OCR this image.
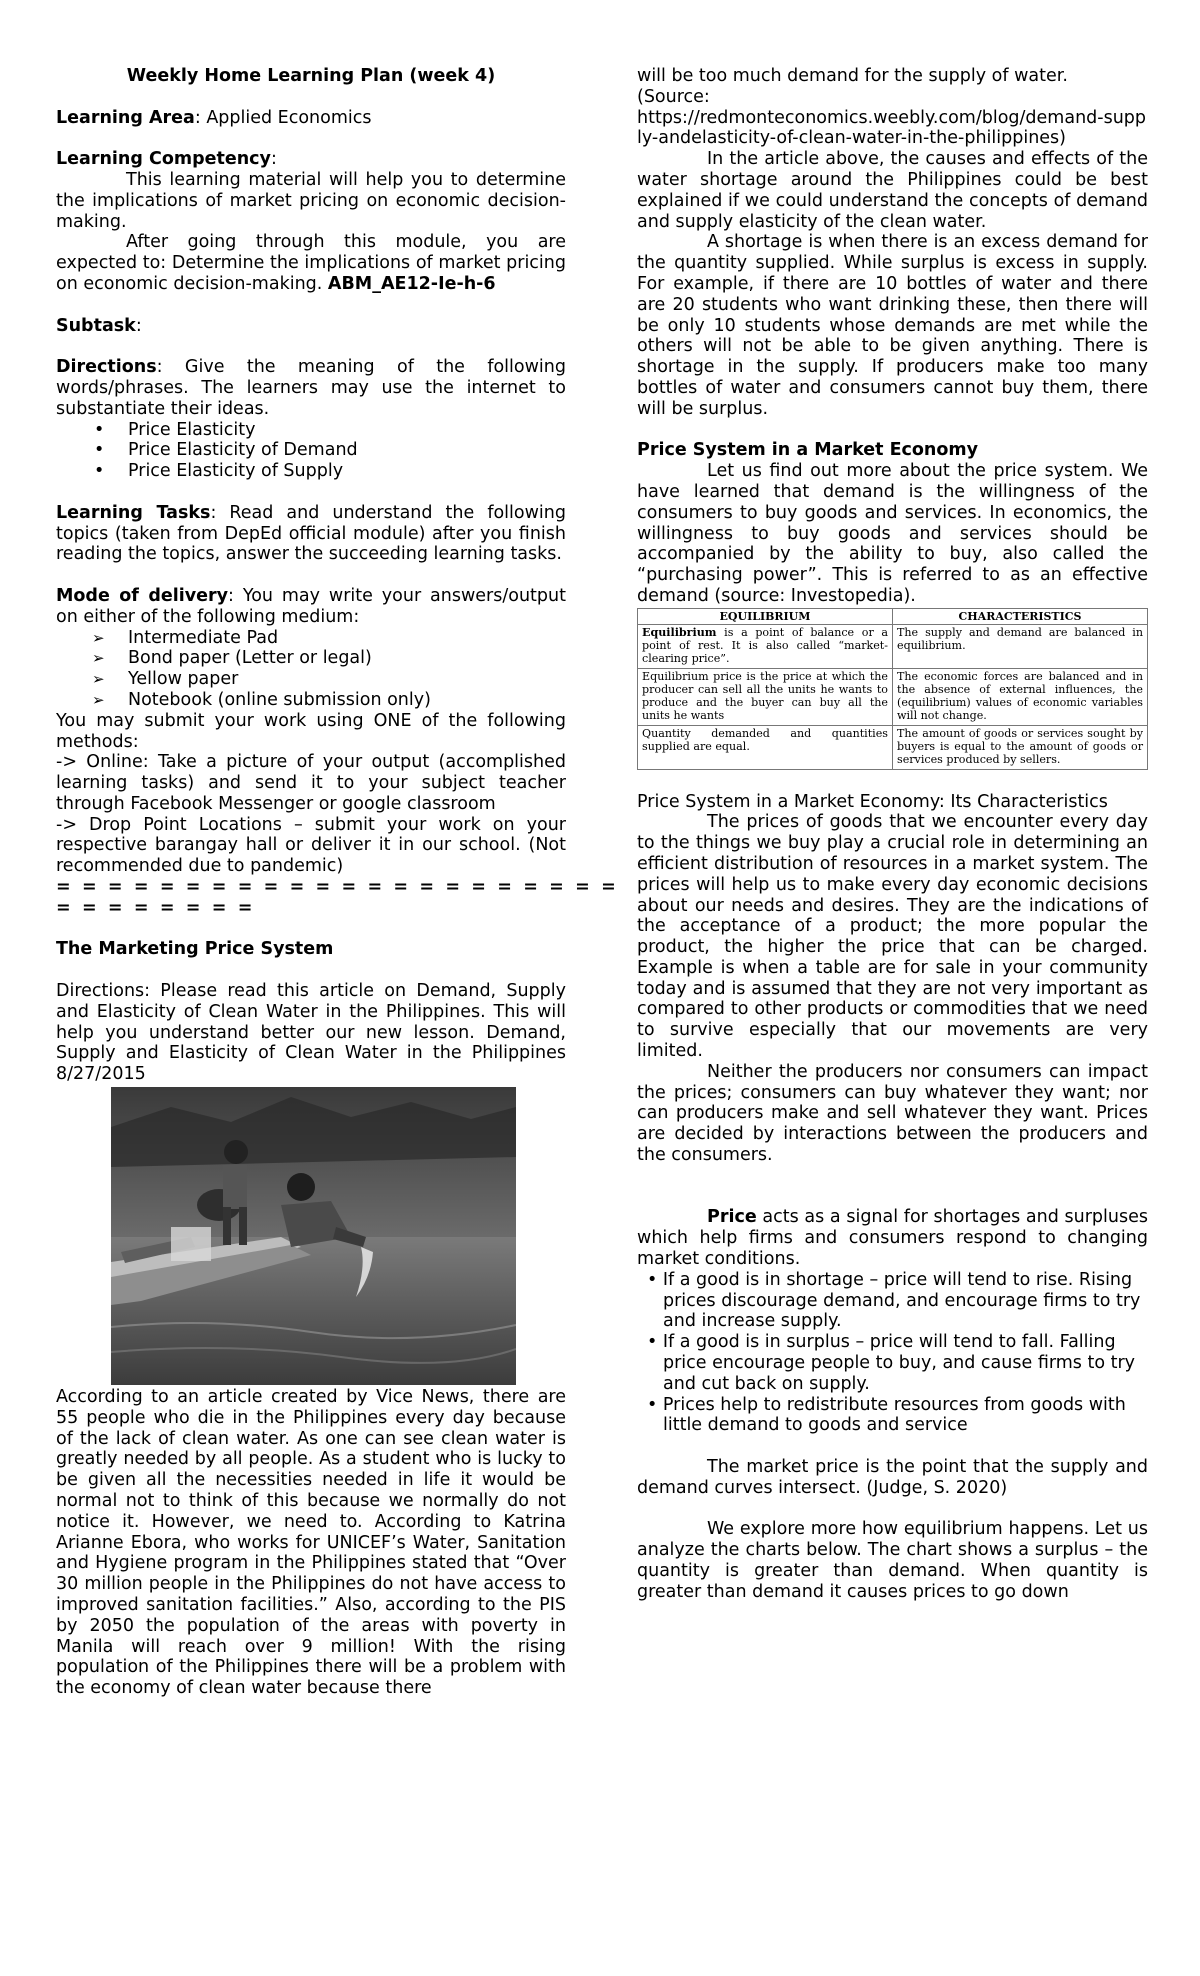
Weekly Home Learning Plan (week 4)

Learning Area: Applied Economics

Learning Competency:

This learning material will help you to determine the implications of market pricing on economic decision-making.

After going through this module, you are expected to: Determine the implications of market pricing on economic decision-making. ABM_AE12-Ie-h-6

Subtask:

Directions: Give the meaning of the following words/phrases. The learners may use the internet to substantiate their ideas.

• Price Elasticity
• Price Elasticity of Demand
• Price Elasticity of Supply

Learning Tasks: Read and understand the following topics (taken from DepEd official module) after you finish reading the topics, answer the succeeding learning tasks.

Mode of delivery: You may write your answers/output on either of the following medium:

➢ Intermediate Pad
➢ Bond paper (Letter or legal)
➢ Yellow paper
➢ Notebook (online submission only)

You may submit your work using ONE of the following methods:

-> Online: Take a picture of your output (accomplished learning tasks) and send it to your subject teacher through Facebook Messenger or google classroom

-> Drop Point Locations – submit your work on your respective barangay hall or deliver it in our school. (Not recommended due to pandemic)

= = = = = = = = = = = = = = = = = = = = = =

= = = = = = = =

The Marketing Price System

Directions: Please read this article on Demand, Supply and Elasticity of Clean Water in the Philippines. This will help you understand better our new lesson. Demand, Supply and Elasticity of Clean Water in the Philippines 8/27/2015

According to an article created by Vice News, there are 55 people who die in the Philippines every day because of the lack of clean water. As one can see clean water is greatly needed by all people. As a student who is lucky to be given all the necessities needed in life it would be normal not to think of this because we normally do not notice it. However, we need to. According to Katrina Arianne Ebora, who works for UNICEF’s Water, Sanitation and Hygiene program in the Philippines stated that “Over 30 million people in the Philippines do not have access to improved sanitation facilities.” Also, according to the PIS by 2050 the population of the areas with poverty in Manila will reach over 9 million! With the rising population of the Philippines there will be a problem with the economy of clean water because there

will be too much demand for the supply of water.

(Source:

https://redmonteconomics.weebly.com/blog/demand-supply-andelasticity-of-clean-water-in-the-philippines)

In the article above, the causes and effects of the water shortage around the Philippines could be best explained if we could understand the concepts of demand and supply elasticity of the clean water.

A shortage is when there is an excess demand for the quantity supplied. While surplus is excess in supply. For example, if there are 10 bottles of water and there are 20 students who want drinking these, then there will be only 10 students whose demands are met while the others will not be able to be given anything. There is shortage in the supply. If producers make too many bottles of water and consumers cannot buy them, there will be surplus.

Price System in a Market Economy

Let us find out more about the price system. We have learned that demand is the willingness of the consumers to buy goods and services. In economics, the willingness to buy goods and services should be accompanied by the ability to buy, also called the “purchasing power”. This is referred to as an effective demand (source: Investopedia).

EQUILIBRIUM	CHARACTERISTICS
Equilibrium is a point of balance or a point of rest. It is also called “market-clearing price”.	The supply and demand are balanced in equilibrium.
Equilibrium price is the price at which the producer can sell all the units he wants to produce and the buyer can buy all the units he wants	The economic forces are balanced and in the absence of external influences, the (equilibrium) values of economic variables will not change.
Quantity demanded and quantities supplied are equal.	The amount of goods or services sought by buyers is equal to the amount of goods or services produced by sellers.

Price System in a Market Economy: Its Characteristics

The prices of goods that we encounter every day to the things we buy play a crucial role in determining an efficient distribution of resources in a market system. The prices will help us to make every day economic decisions about our needs and desires. They are the indications of the acceptance of a product; the more popular the product, the higher the price that can be charged. Example is when a table are for sale in your community today and is assumed that they are not very important as compared to other products or commodities that we need to survive especially that our movements are very limited.

Neither the producers nor consumers can impact the prices; consumers can buy whatever they want; nor can producers make and sell whatever they want. Prices are decided by interactions between the producers and the consumers.

Price acts as a signal for shortages and surpluses which help firms and consumers respond to changing market conditions.

• If a good is in shortage – price will tend to rise. Rising prices discourage demand, and encourage firms to try and increase supply.
• If a good is in surplus – price will tend to fall. Falling price encourage people to buy, and cause firms to try and cut back on supply.
• Prices help to redistribute resources from goods with little demand to goods and service

The market price is the point that the supply and demand curves intersect. (Judge, S. 2020)

We explore more how equilibrium happens. Let us analyze the charts below. The chart shows a surplus – the quantity is greater than demand. When quantity is greater than demand it causes prices to go down
